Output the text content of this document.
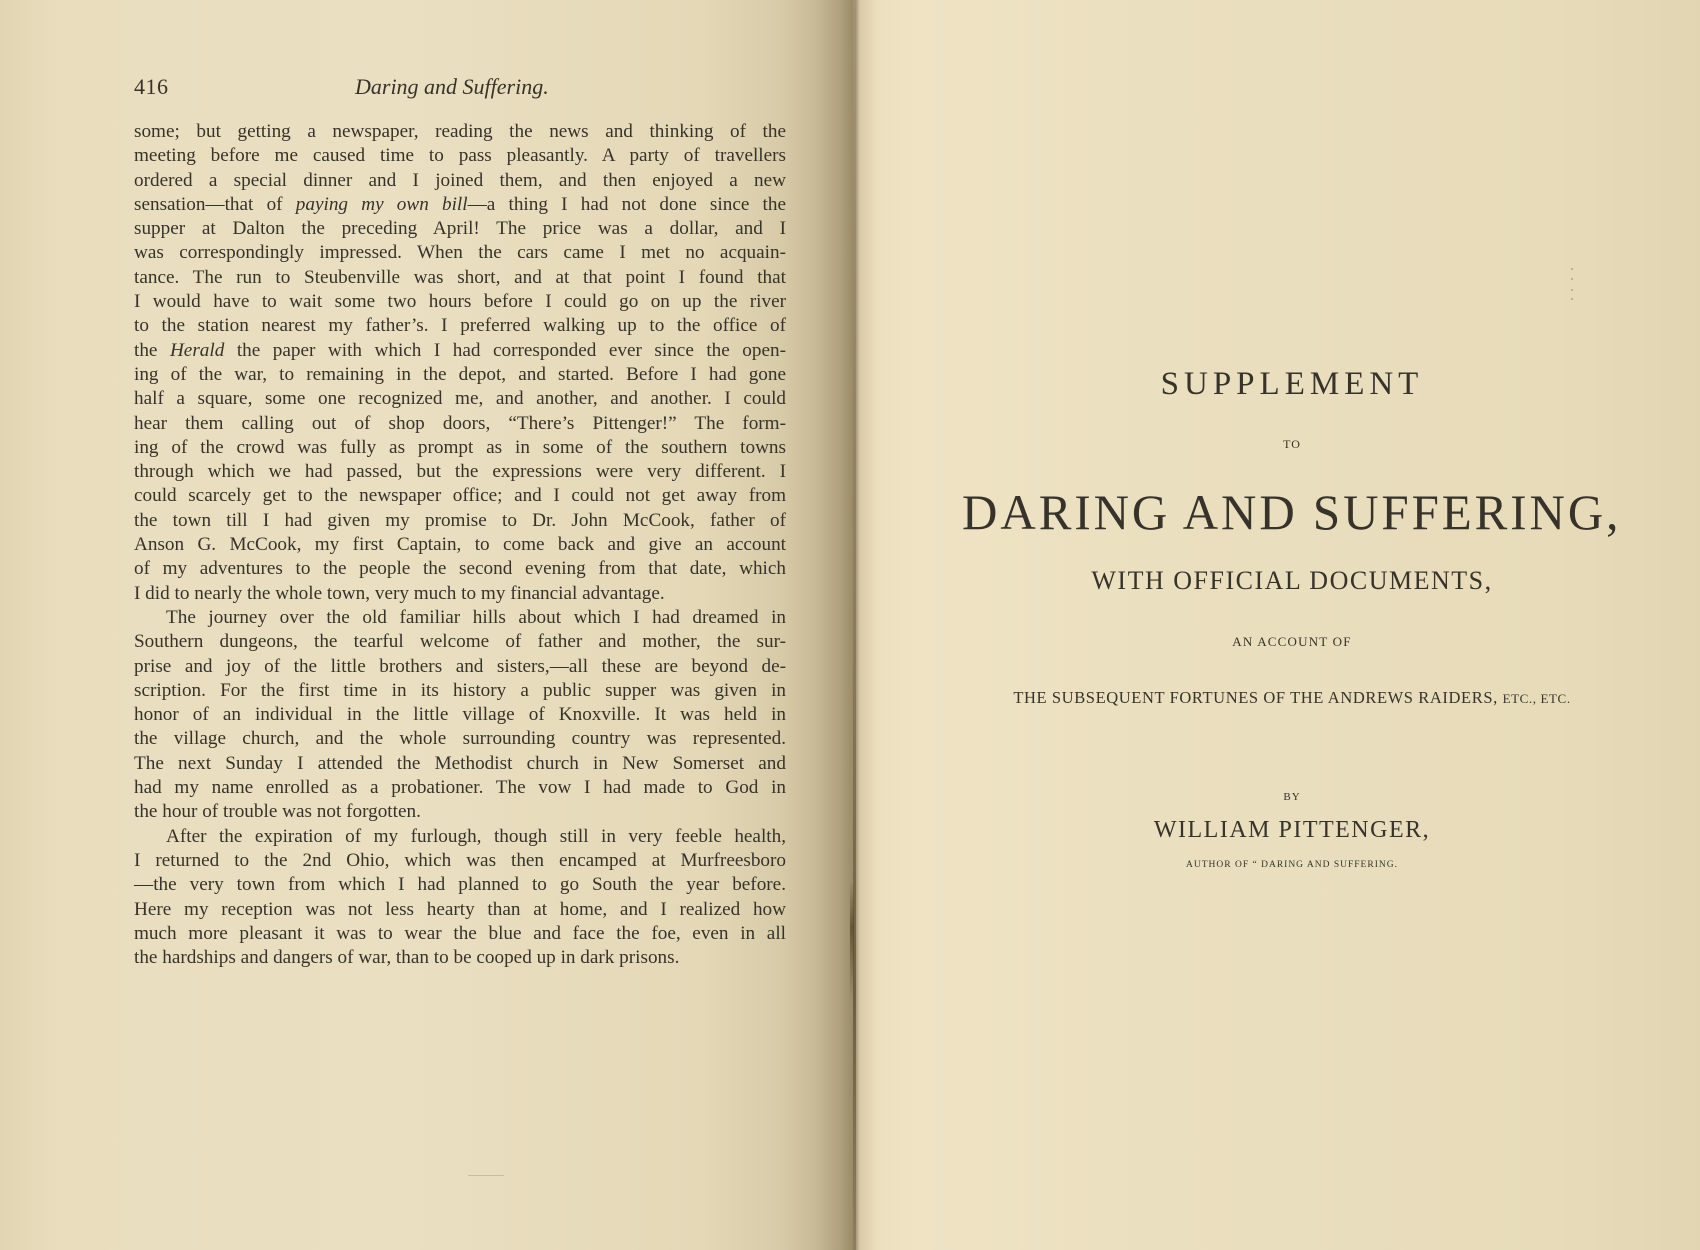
416	Daring and Suffering.
some; but getting a newspaper, reading the news and thinking of the
meeting before me caused time to pass pleasantly. A party of travellers
ordered a special dinner and I joined them, and then enjoyed a new
sensation—that of paying my own bill—a thing I had not done since the
supper at Dalton the preceding April! The price was a dollar, and I
was correspondingly impressed. When the cars came I met no acquain-
tance. The run to Steubenville was short, and at that point I found that
I would have to wait some two hours before I could go on up the river
to the station nearest my father’s. I preferred walking up to the office of
the Herald the paper with which I had corresponded ever since the open-
ing of the war, to remaining in the depot, and started. Before I had gone
half a square, some one recognized me, and another, and another. I could
hear them calling out of shop doors, “There’s Pittenger!” The form-
ing of the crowd was fully as prompt as in some of the southern towns
through which we had passed, but the expressions were very different. I
could scarcely get to the newspaper office; and I could not get away from
the town till I had given my promise to Dr. John McCook, father of
Anson G. McCook, my first Captain, to come back and give an account
of my adventures to the people the second evening from that date, which
I did to nearly the whole town, very much to my financial advantage.
The journey over the old familiar hills about which I had dreamed in
Southern dungeons, the tearful welcome of father and mother, the sur-
prise and joy of the little brothers and sisters,—all these are beyond de-
scription. For the first time in its history a public supper was given in
honor of an individual in the little village of Knoxville. It was held in
the village church, and the whole surrounding country was represented.
The next Sunday I attended the Methodist church in New Somerset and
had my name enrolled as a probationer. The vow I had made to God in
the hour of trouble was not forgotten.
After the expiration of my furlough, though still in very feeble health,
I returned to the 2nd Ohio, which was then encamped at Murfreesboro
—the very town from which I had planned to go South the year before.
Here my reception was not less hearty than at home, and I realized how
much more pleasant it was to wear the blue and face the foe, even in all
the hardships and dangers of war, than to be cooped up in dark prisons.
SUPPLEMENT
TO
DARING AND SUFFERING,
WITH OFFICIAL DOCUMENTS,
AN ACCOUNT OF
THE SUBSEQUENT FORTUNES OF THE ANDREWS RAIDERS, ETC., ETC.
BY
WILLIAM PITTENGER,
AUTHOR OF “ DARING AND SUFFERING.
